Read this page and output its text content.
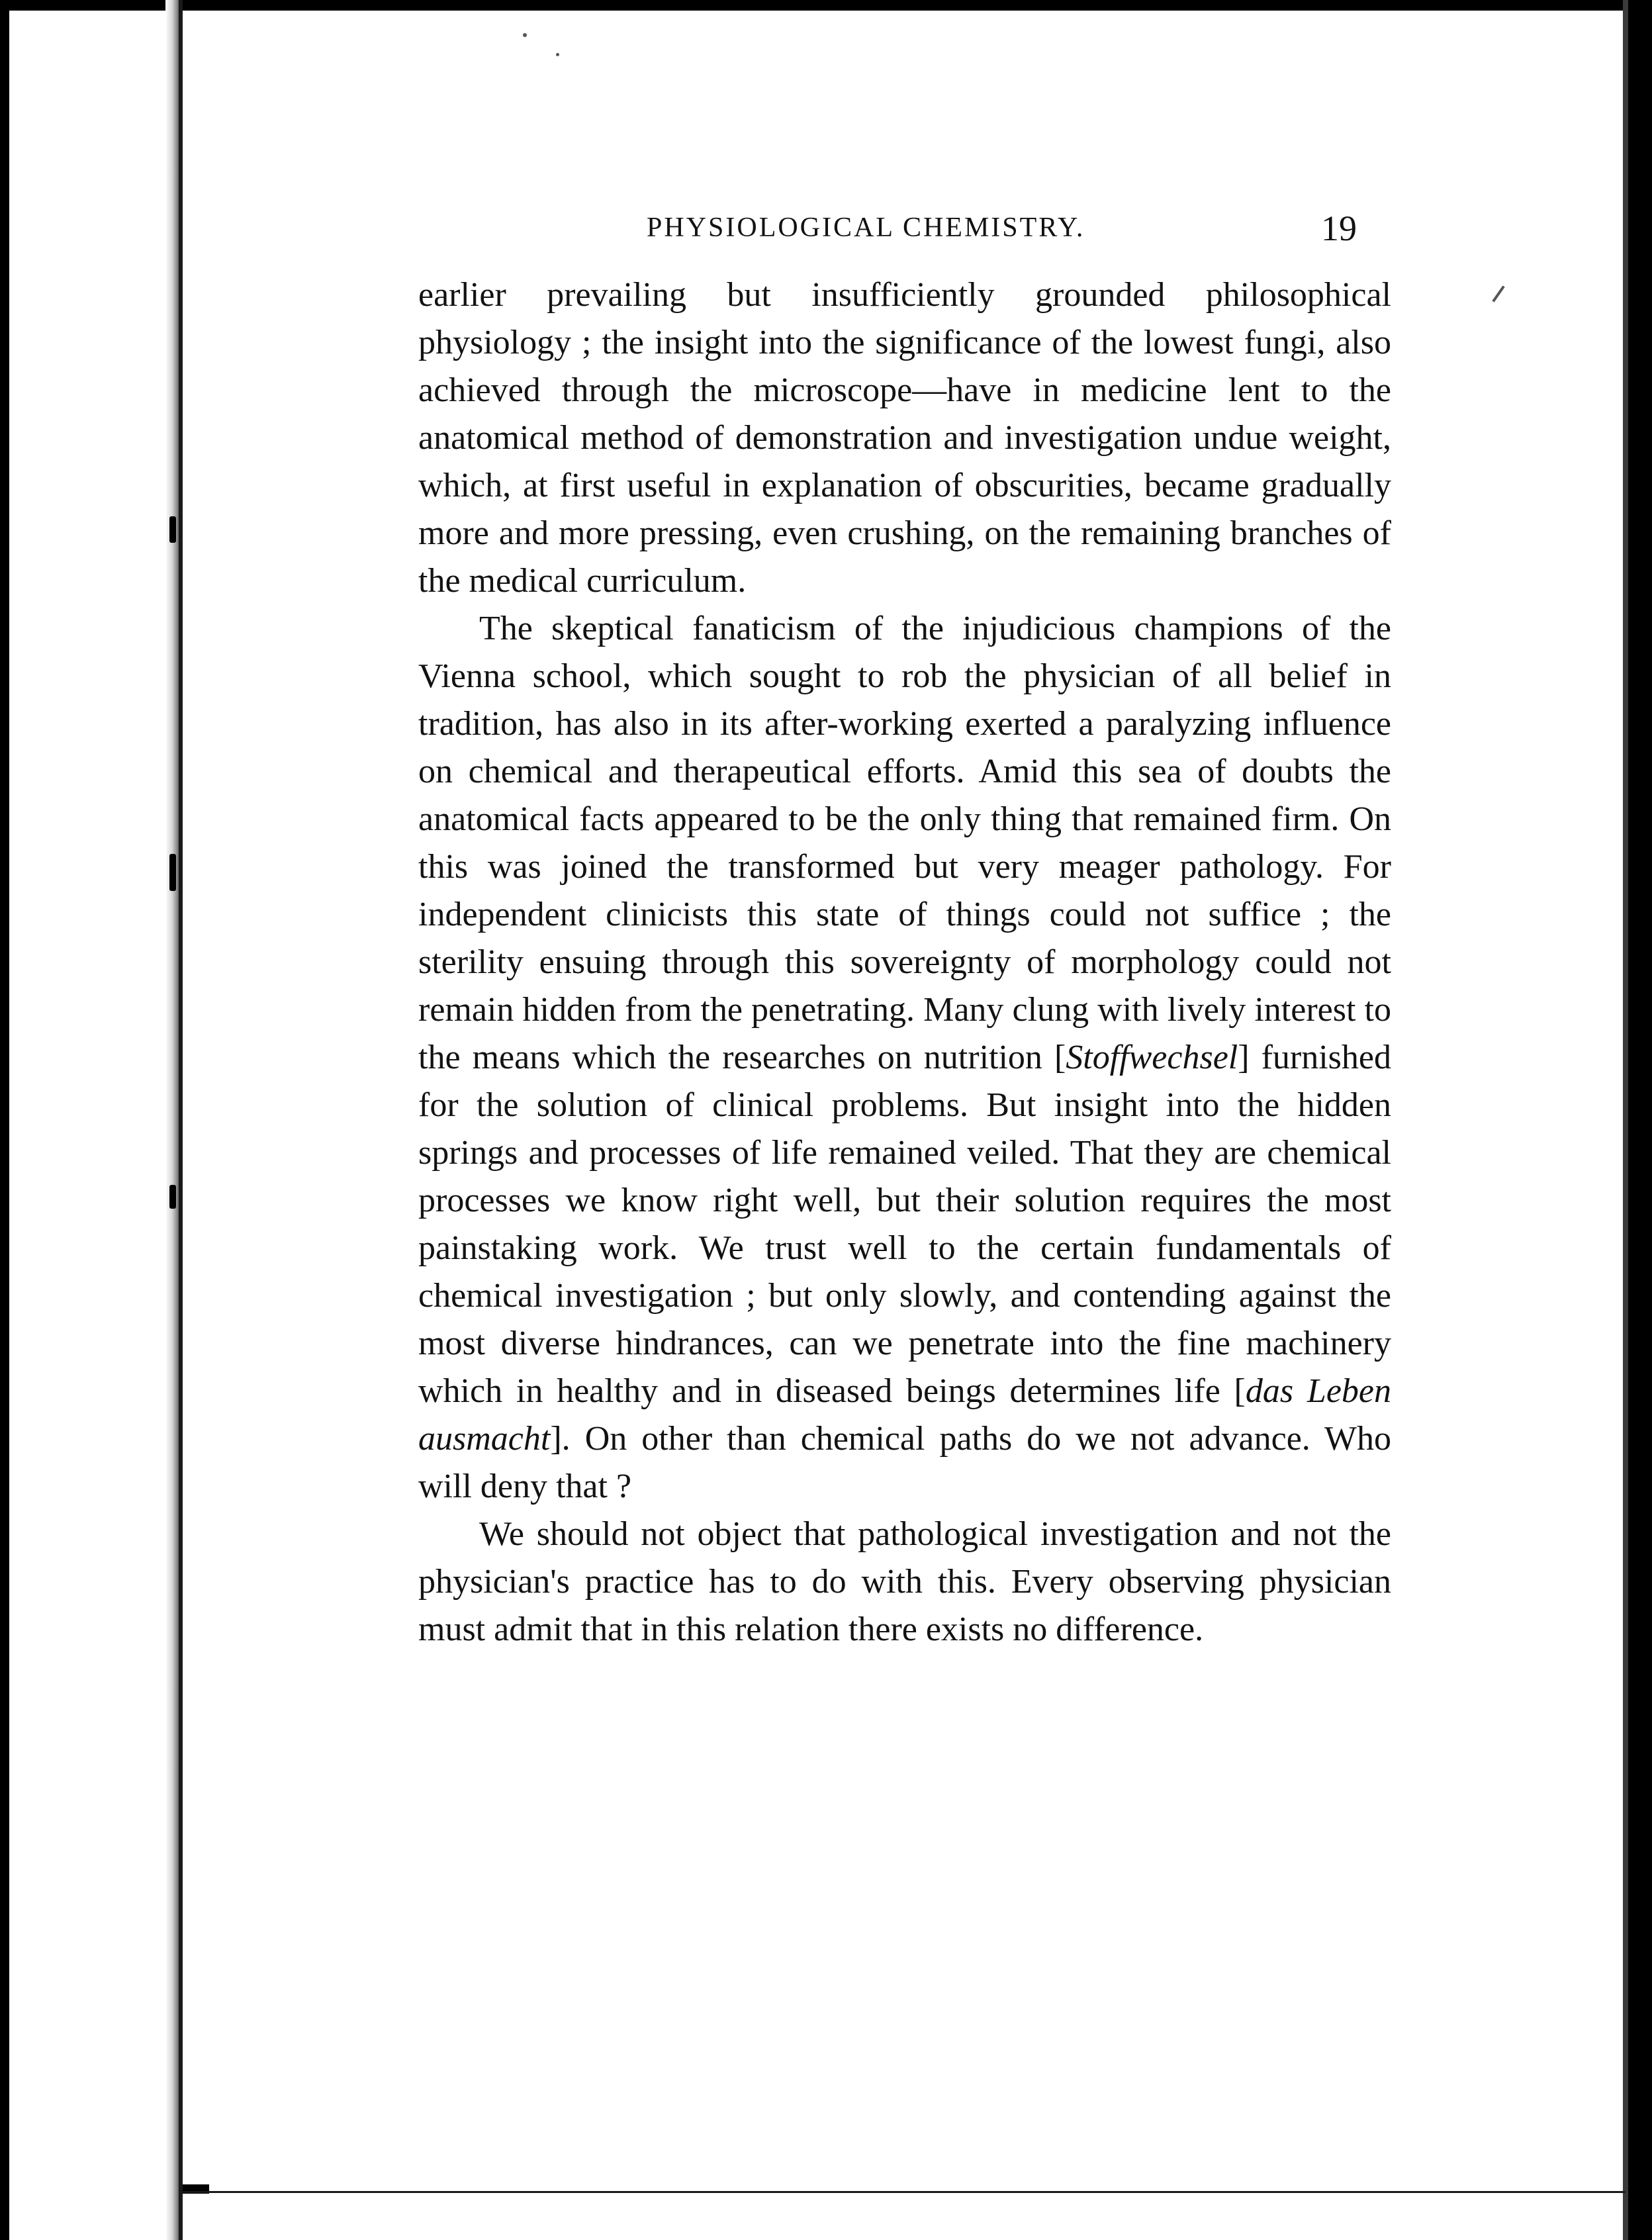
PHYSIOLOGICAL CHEMISTRY.	19

earlier prevailing but insufficiently grounded philosophical physiology ; the insight into the significance of the lowest fungi, also achieved through the microscope—have in medicine lent to the anatomical method of demonstration and investigation undue weight, which, at first useful in explanation of obscurities, became gradually more and more pressing, even crushing, on the remaining branches of the medical curriculum.

The skeptical fanaticism of the injudicious champions of the Vienna school, which sought to rob the physician of all belief in tradition, has also in its after-working exerted a paralyzing influence on chemical and therapeutical efforts. Amid this sea of doubts the anatomical facts appeared to be the only thing that remained firm. On this was joined the transformed but very meager pathology. For independent clinicists this state of things could not suffice ; the sterility ensuing through this sovereignty of morphology could not remain hidden from the penetrating. Many clung with lively interest to the means which the researches on nutrition [Stoffwechsel] furnished for the solution of clinical problems. But insight into the hidden springs and processes of life remained veiled. That they are chemical processes we know right well, but their solution requires the most painstaking work. We trust well to the certain fundamentals of chemical investigation ; but only slowly, and contending against the most diverse hindrances, can we penetrate into the fine machinery which in healthy and in diseased beings determines life [das Leben ausmacht]. On other than chemical paths do we not advance. Who will deny that ?

We should not object that pathological investigation and not the physician's practice has to do with this. Every observing physician must admit that in this relation there exists no difference.
